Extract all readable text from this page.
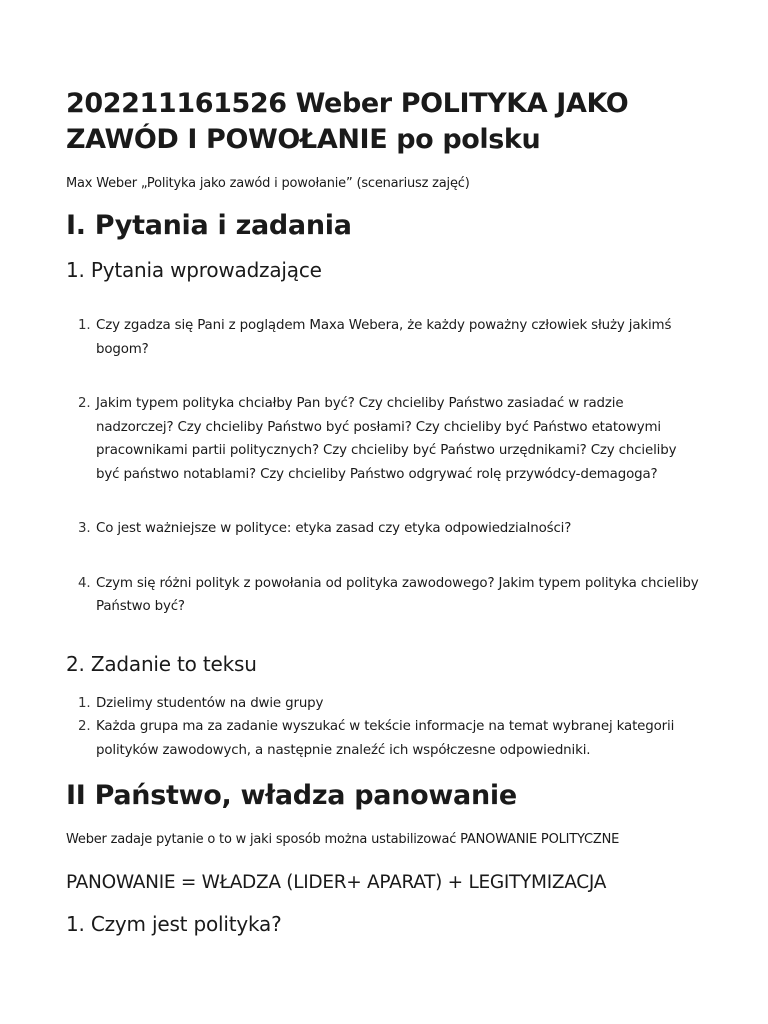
202211161526 Weber POLITYKA JAKO ZAWÓD I POWOŁANIE po polsku

Max Weber „Polityka jako zawód i powołanie” (scenariusz zajęć)

I. Pytania i zadania
1. Pytania wprowadzające
1. Czy zgadza się Pani z poglądem Maxa Webera, że każdy poważny człowiek służy jakimś bogom?
2. Jakim typem polityka chciałby Pan być? Czy chcieliby Państwo zasiadać w radzie nadzorczej? Czy chcieliby Państwo być posłami? Czy chcieliby być Państwo etatowymi pracownikami partii politycznych? Czy chcieliby być Państwo urzędnikami? Czy chcieliby być państwo notablami? Czy chcieliby Państwo odgrywać rolę przywódcy-demagoga?
3. Co jest ważniejsze w polityce: etyka zasad czy etyka odpowiedzialności?
4. Czym się różni polityk z powołania od polityka zawodowego? Jakim typem polityka chcieliby Państwo być?
2. Zadanie to teksu
1. Dzielimy studentów na dwie grupy
2. Każda grupa ma za zadanie wyszukać w tekście informacje na temat wybranej kategorii polityków zawodowych, a następnie znaleźć ich współczesne odpowiedniki.
II Państwo, władza panowanie

Weber zadaje pytanie o to w jaki sposób można ustabilizować PANOWANIE POLITYCZNE

PANOWANIE = WŁADZA (LIDER+ APARAT) + LEGITYMIZACJA

1. Czym jest polityka?
